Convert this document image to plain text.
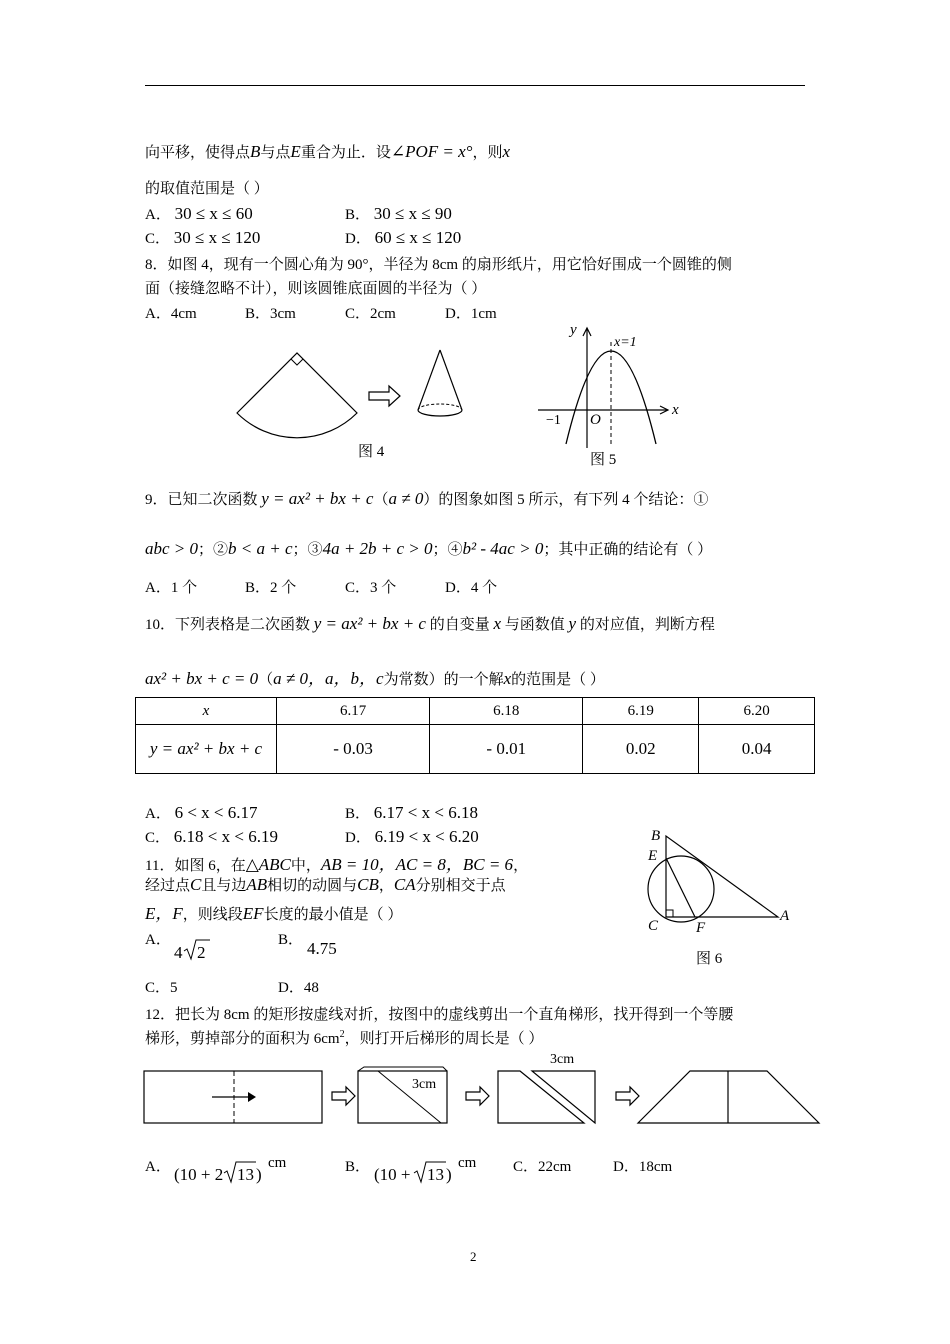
向平移，使得点B与点E重合为止．设∠POF = x°，则x
的取值范围是（ ）
A． 30 ≤ x ≤ 60	B． 30 ≤ x ≤ 90
C． 30 ≤ x ≤ 120	D． 60 ≤ x ≤ 120
8．如图 4，现有一个圆心角为 90°，半径为 8cm 的扇形纸片，用它恰好围成一个圆锥的侧
面（接缝忽略不计），则该圆锥底面圆的半径为（ ）
A．4cm	B．3cm	C．2cm	D．1cm
图 4
y
x
x=1
O
−1
图 5
9．已知二次函数 y = ax² + bx + c（a ≠ 0）的图象如图 5 所示，有下列 4 个结论：①
abc > 0；②b < a + c；③4a + 2b + c > 0；④b² - 4ac > 0；其中正确的结论有（ ）
A．1 个	B．2 个	C．3 个	D．4 个
10．下列表格是二次函数 y = ax² + bx + c 的自变量 x 与函数值 y 的对应值，判断方程
ax² + bx + c = 0（a ≠ 0，a，b，c为常数）的一个解x的范围是（ ）
x	6.17	6.18	6.19	6.20
y = ax² + bx + c	- 0.03	- 0.01	0.02	0.04
A． 6 < x < 6.17	B． 6.17 < x < 6.18
C． 6.18 < x < 6.19	D． 6.19 < x < 6.20
11．如图 6，在△ABC中，AB = 10，AC = 8，BC = 6，
经过点C且与边AB相切的动圆与CB，CA分别相交于点
E，F，则线段EF长度的最小值是（ ）
A．
4 2
B． 4.75
C．5	D．48
B
E
C	F
A
图 6
12．把长为 8cm 的矩形按虚线对折，按图中的虚线剪出一个直角梯形，找开得到一个等腰
梯形，剪掉部分的面积为 $6cm^2$，则打开后梯形的周长是（ ）
3cm
3cm
A． (10 + 2 13 )
cm	B． (10 + 13 )
cm C．22cm	D．18cm
2
